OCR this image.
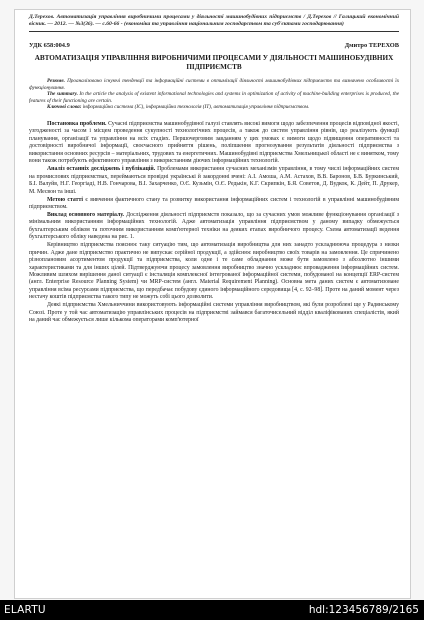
Д.Терехов. Автоматизація управління виробничими процесами у діяльності машинобудівних підприємств / Д.Терехов // Галицький економічний вісник. — 2012. — №3(36). — с.60-66 - (економіка та управління національним господарством та суб'єктами господарювання)
УДК 658:004.9	Дмитро ТЕРЕХОВ
АВТОМАТИЗАЦІЯ УПРАВЛІННЯ ВИРОБНИЧИМИ ПРОЦЕСАМИ У ДІЯЛЬНОСТІ МАШИНОБУДІВНИХ ПІДПРИЄМСТВ

Резюме. Проаналізовано існуючі тенденції та інформаційні системи в оптимізації діяльності машинобудівних підприємств та визначено особливості їх функціонування.

The summary. In the article the analysis of existent informational technologies and systems in optimization of activity of machine-building enterprises is produced, the features of their functioning are certain.

Ключові слова: інформаційна система (ІС), інформаційна технологія (ІТ), автоматизація управління підприємством.

Постановка проблеми. Сучасні підприємства машинобудівної галузі ставлять високі вимоги щодо забезпечення процесів відповідної якості, узгодженості за часом і місцем проведення сукупності технологічних процесів, а також до систем управління рівнів, що реалізують функції планування, організації та управління на всіх стадіях. Першочерговим завданням у цих умовах є вимоги щодо підвищення оперативності та достовірності виробничої інформації, своєчасного прийняття рішень, поліпшення прогнозування результатів діяльності підприємства з використання основних ресурсів – матеріальних, трудових та енергетичних. Машинобудівні підприємства Хмельницької області не є винятком, тому вони також потребують ефективного управління з використанням діючих інформаційних технологій.

Аналіз останніх досліджень і публікацій. Проблемами використання сучасних механізмів управління, в тому числі інформаційних систем на промислових підприємствах, переймаються провідні українські й закордонні вчені: А.І. Амоша, А.М. Астахов, В.В. Баронов, Б.В. Буркинський, Б.І. Валуйв, Н.Г. Георгіаді, Н.В. Гончарова, В.І. Захарченко, О.Є. Кузьмін, О.Є. Редькін, К.Г. Скрипкін, Б.Я. Советов, Д. Вудкок, К. Дейт, П. Друкер, М. Месвон та інші.

Метою статті є вивчення фактичного стану та розвитку використання інформаційних систем і технологій в управлінні машинобудівним підприємством.

Виклад основного матеріалу. Дослідження діяльності підприємств показало, що за сучасних умов можливе функціонування організації з мінімальним використанням інформаційних технологій. Адже автоматизація управління підприємством у даному випадку обмежується бухгалтерським обліком та поточним використанням комп'ютерної техніки на деяких етапах виробничого процесу. Схема автоматизації ведення бухгалтерського обліку наведена на рис. 1.

Керівництво підприємства пояснює таку ситуацію тим, що автоматизація виробництва для них занадто ускладнююча процедура з низки причин. Адже дане підприємство практично не випускає серійної продукції, а здійснює виробництво своїх товарів на замовлення. Це спричинено різноплановим асортиментом продукції та підприємства, коли одне і те саме обладнання може бути замовлено з абсолютно іншими характеристиками та для інших цілей. Підтверджуючи процесу замовлення виробництво значно ускладнює впровадження інформаційних систем. Можливим шляхом вирішення даної ситуації є інсталяція комплексної інтегрованої інформаційної системи, побудованої на концепції ERP-систем (англ. Enterprise Resource Planning System) чи MRP-систем (англ. Material Requirement Planning). Основна мета даних систем є автоматизоване управління всіма ресурсами підприємства, що передбачає побудову єдиного інформаційного середовища [4, с. 92–98]. Проте на даний момент через нестачу коштів підприємства такого типу не можуть собі цього дозволити.

Деякі підприємства Хмельниччини використовують інформаційні системи управління виробництвом, які були розроблені ще у Радянському Союзі. Проте у той час автоматизацію управлінських процесів на підприємстві займався багаточисельний відділ кваліфікованих спеціалістів, який на даний час обмежується лише кількома операторами комп'ютерної

ELARTU	hdl:123456789/2165
